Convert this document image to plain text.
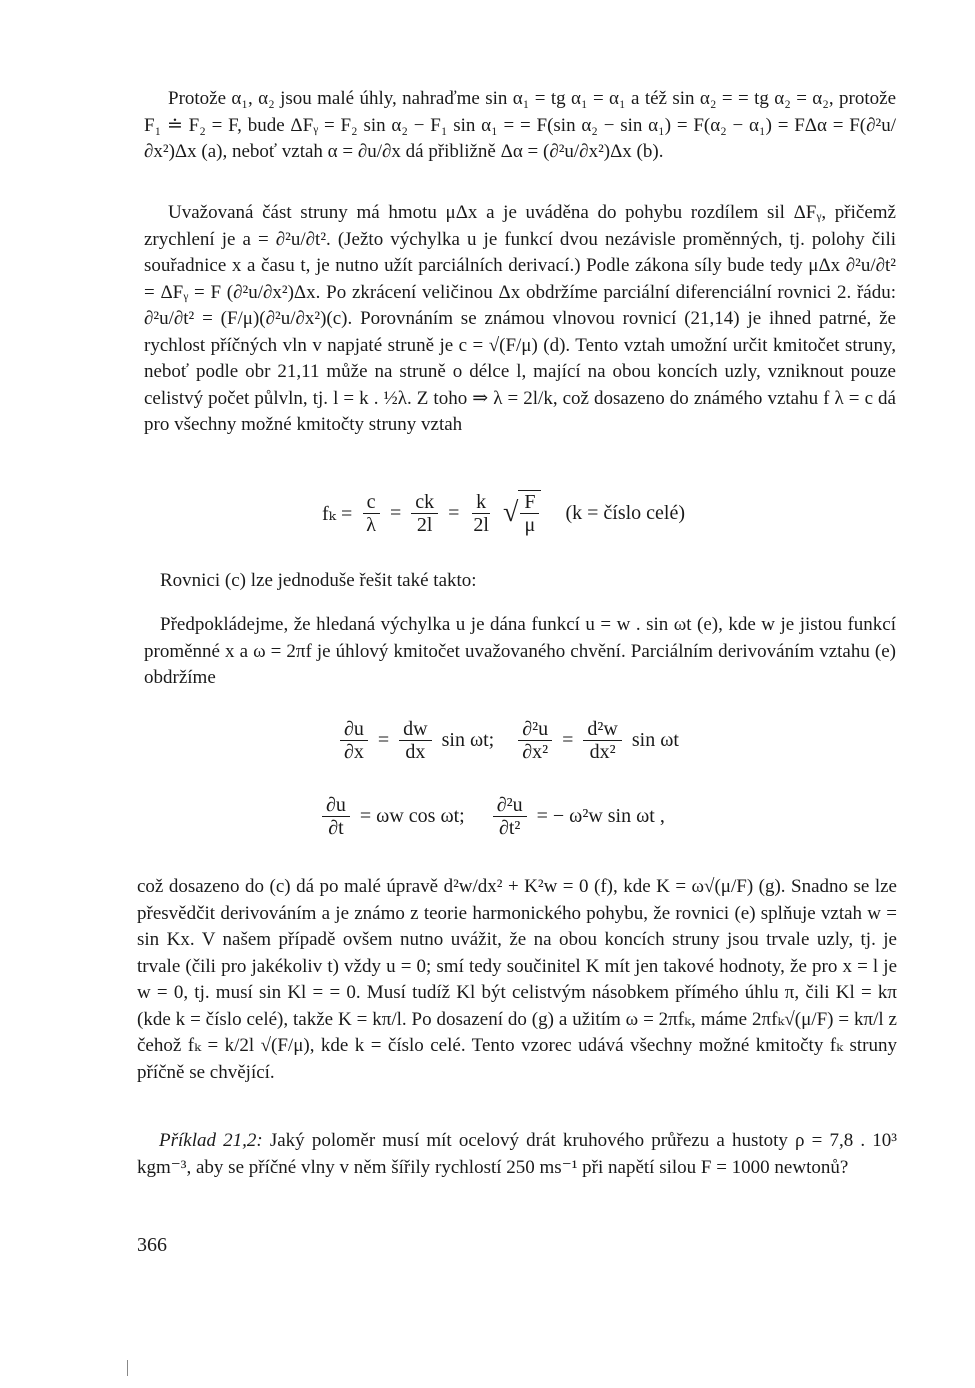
Protože α₁, α₂ jsou malé úhly, nahraďme sin α₁ = tg α₁ = α₁ a též sin α₂ = = tg α₂ = α₂, protože F₁ ≐ F₂ = F, bude ΔFᵧ = F₂ sin α₂ − F₁ sin α₁ = = F(sin α₂ − sin α₁) = F(α₂ − α₁) = FΔα = F(∂²u/∂x²)Δx (a), neboť vztah α = ∂u/∂x dá přibližně Δα = (∂²u/∂x²)Δx (b).

Uvažovaná část struny má hmotu μΔx a je uváděna do pohybu rozdílem sil ΔFᵧ, přičemž zrychlení je a = ∂²u/∂t². (Ježto výchylka u je funkcí dvou nezávisle proměnných, tj. polohy čili souřadnice x a času t, je nutno užít parciálních derivací.) Podle zákona síly bude tedy μΔx ∂²u/∂t² = ΔFᵧ = F (∂²u/∂x²)Δx. Po zkrácení veličinou Δx obdržíme parciální diferenciální rovnici 2. řádu: ∂²u/∂t² = (F/μ)(∂²u/∂x²)(c). Porovnáním se známou vlnovou rovnicí (21,14) je ihned patrné, že rychlost příčných vln v napjaté struně je c = √(F/μ) (d). Tento vztah umožní určit kmitočet struny, neboť podle obr 21,11 může na struně o délce l, mající na obou koncích uzly, vzniknout pouze celistvý počet půlvln, tj. l = k . ½λ. Z toho ⇒ λ = 2l/k, což dosazeno do známého vztahu f λ = c dá pro všechny možné kmitočty struny vztah

$f_k = \frac{c}{\lambda} = \frac{ck}{2l} = \frac{k}{2l}$ √ $\frac{F}{\mu} (k$ = číslo celé)

Rovnici (c) lze jednoduše řešit také takto:

Předpokládejme, že hledaná výchylka u je dána funkcí u = w . sin ωt (e), kde w je jistou funkcí proměnné x a ω = 2πf je úhlový kmitočet uvažovaného chvění. Parciálním derivováním vztahu (e) obdržíme

$\frac{\partial u}{\partial x} = \frac{dw}{dx}$ sin ωt; $\frac{\text{∂²u}}{\text{∂x²}} = \frac{\text{d²w}}{\text{dx²}}$ sin ωt
$\frac{\partial u}{\partial t} = \omega w$ cos ωt; $\frac{\text{∂²u}}{\text{∂t²}}$ = − ω²w sin ωt ,

což dosazeno do (c) dá po malé úpravě d²w/dx² + K²w = 0 (f), kde K = ω√(μ/F) (g). Snadno se lze přesvědčit derivováním a je známo z teorie harmonického pohybu, že rovnici (e) splňuje vztah w = sin Kx. V našem případě ovšem nutno uvážit, že na obou koncích struny jsou trvale uzly, tj. je trvale (čili pro jakékoliv t) vždy u = 0; smí tedy součinitel K mít jen takové hodnoty, že pro x = l je w = 0, tj. musí sin Kl = = 0. Musí tudíž Kl být celistvým násobkem přímého úhlu π, čili Kl = kπ (kde k = číslo celé), takže K = kπ/l. Po dosazení do (g) a užitím ω = 2πfₖ, máme 2πfₖ√(μ/F) = kπ/l z čehož fₖ = k/2l √(F/μ), kde k = číslo celé. Tento vzorec udává všechny možné kmitočty fₖ struny příčně se chvějící.

Příklad 21,2: Jaký poloměr musí mít ocelový drát kruhového průřezu a hustoty ρ = 7,8 . 10³ kgm⁻³, aby se příčné vlny v něm šířily rychlostí 250 ms⁻¹ při napětí silou F = 1000 newtonů?

366
